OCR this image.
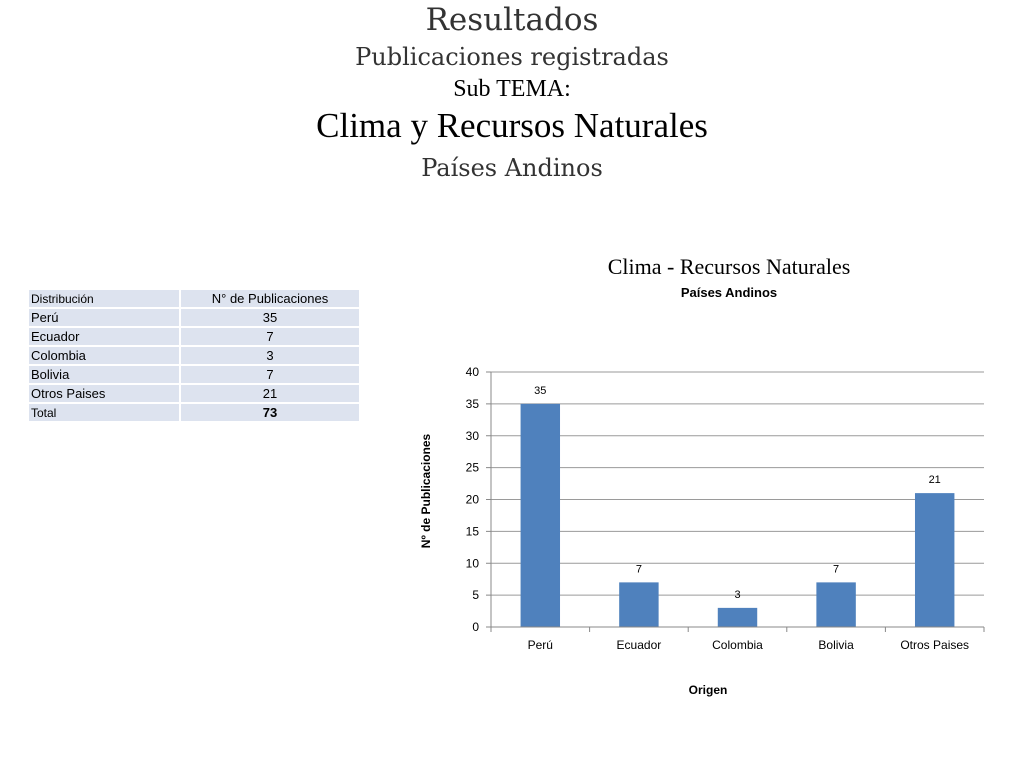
Resultados
Publicaciones registradas
Sub TEMA:
Clima y Recursos Naturales
Países Andinos
Distribución	N° de Publicaciones
Perú	35
Ecuador	7
Colombia	3
Bolivia	7
Otros Paises	21
Total	73
Clima - Recursos Naturales
Países Andinos
35
7
3
7
21
0
5
10
15
20
25
30
35
40
Perú	Ecuador	Colombia	Bolivia	Otros Paises
Origen
Nº de Publicaciones
